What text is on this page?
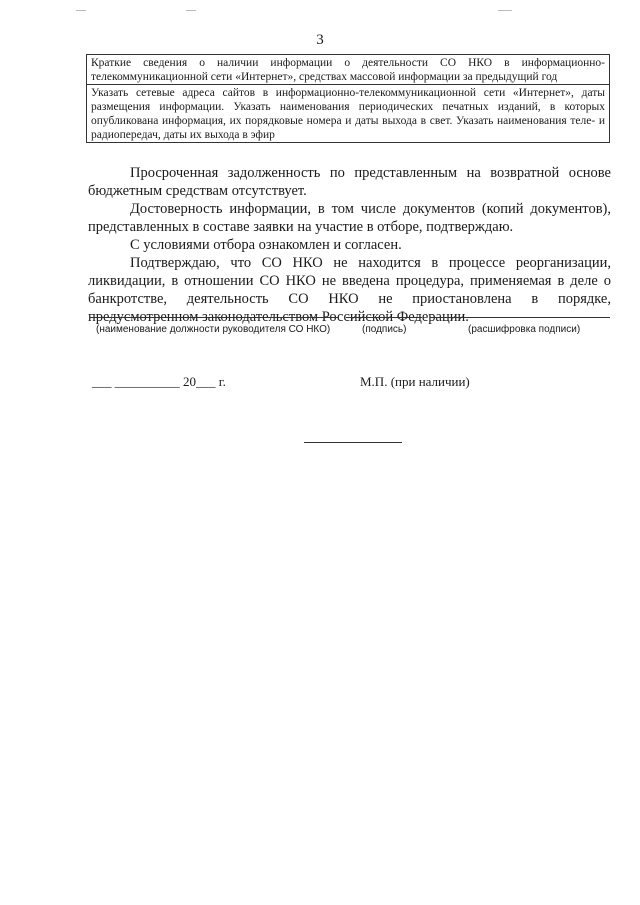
3
Краткие сведения о наличии информации о деятельности СО НКО в информационно-телекоммуникационной сети «Интернет», средствах массовой информации за предыдущий год
Указать сетевые адреса сайтов в информационно-телекоммуникационной сети «Интернет», даты размещения информации. Указать наименования периодических печатных изданий, в которых опубликована информация, их порядковые номера и даты выхода в свет. Указать наименования теле- и радиопередач, даты их выхода в эфир

Просроченная задолженность по представленным на возвратной основе бюджетным средствам отсутствует.

Достоверность информации, в том числе документов (копий документов), представленных в составе заявки на участие в отборе, подтверждаю.

С условиями отбора ознакомлен и согласен.

Подтверждаю, что СО НКО не находится в процессе реорганизации, ликвидации, в отношении СО НКО не введена процедура, применяемая в деле о банкротстве, деятельность СО НКО не приостановлена в порядке, предусмотренном законодательством Российской Федерации.

(наименование должности руководителя СО НКО)	(подпись)	(расшифровка подписи)
___ __________ 20___ г.	М.П. (при наличии)
